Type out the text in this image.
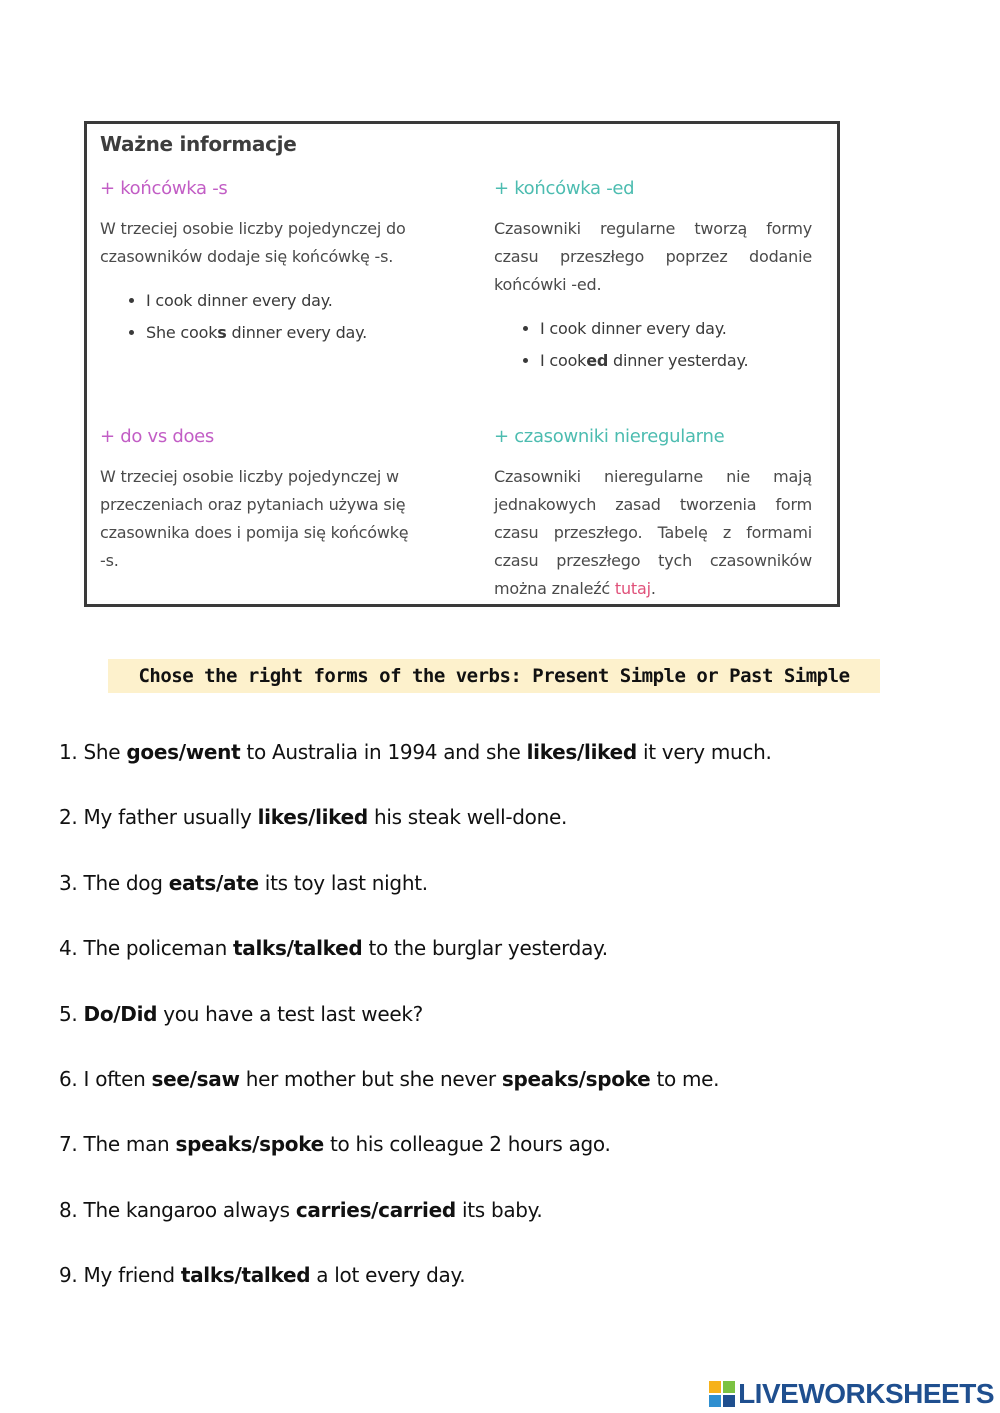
Ważne informacje
+ końcówka -s
W trzeciej osobie liczby pojedynczej do czasowników dodaje się końcówkę -s.
• I cook dinner every day.
• She cooks dinner every day.
+ końcówka -ed
Czasowniki regularne tworzą formy czasu przeszłego poprzez dodanie końcówki -ed.
• I cook dinner every day.
• I cooked dinner yesterday.
+ do vs does
W trzeciej osobie liczby pojedynczej w przeczeniach oraz pytaniach używa się czasownika does i pomija się końcówkę -s.
+ czasowniki nieregularne
Czasowniki nieregularne nie mają jednakowych zasad tworzenia form czasu przeszłego. Tabelę z formami czasu przeszłego tych czasowników można znaleźć tutaj.
Chose the right forms of the verbs: Present Simple or Past Simple
1. She goes/went to Australia in 1994 and she likes/liked it very much.
2. My father usually likes/liked his steak well-done.
3. The dog eats/ate its toy last night.
4. The policeman talks/talked to the burglar yesterday.
5. Do/Did you have a test last week?
6. I often see/saw her mother but she never speaks/spoke to me.
7. The man speaks/spoke to his colleague 2 hours ago.
8. The kangaroo always carries/carried its baby.
9. My friend talks/talked a lot every day.
LIVEWORKSHEETS
